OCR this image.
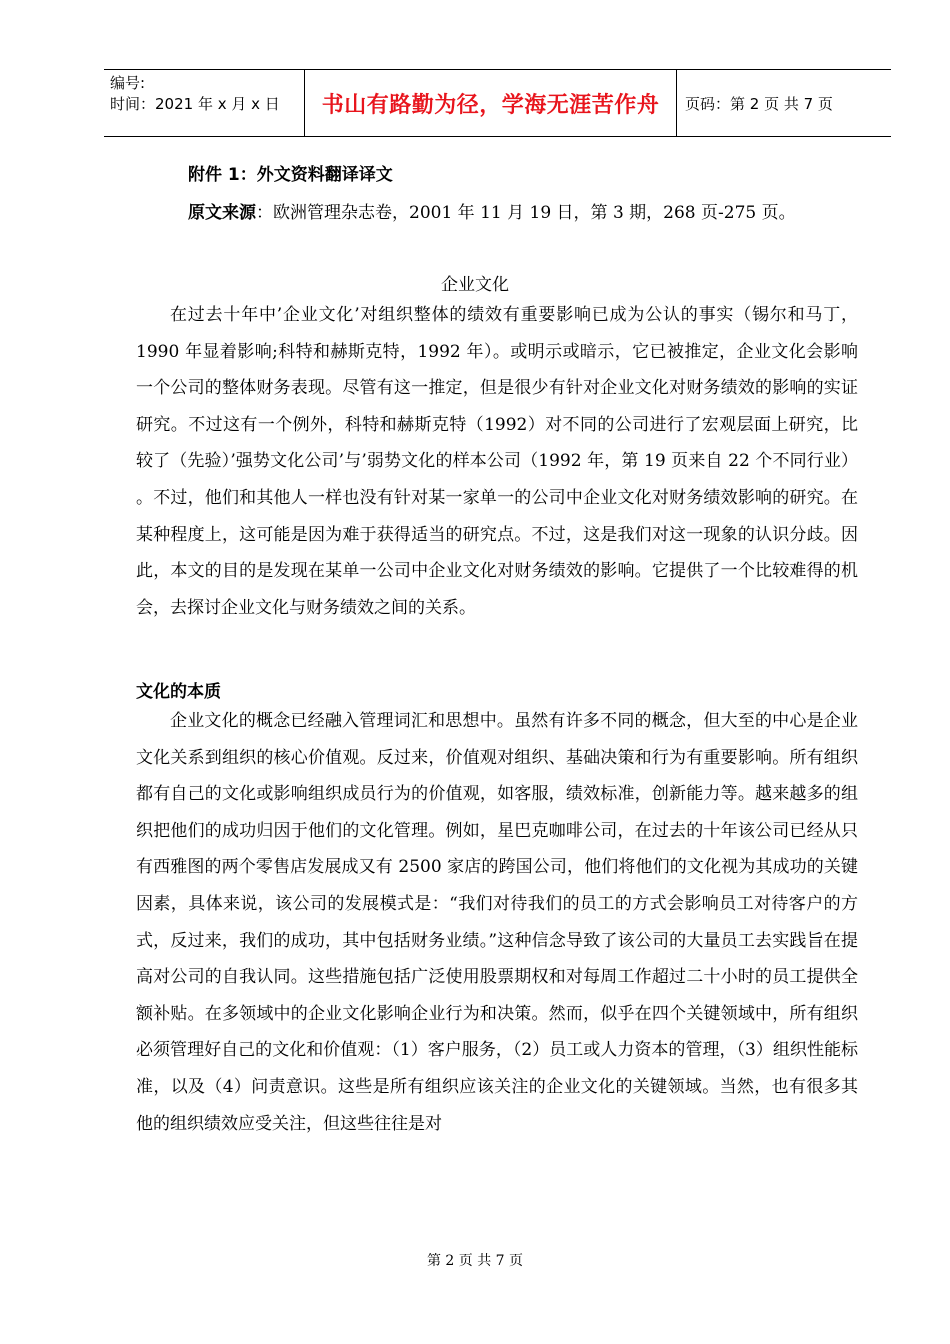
编号:
时间：2021 年 x 月 x 日	书山有路勤为径，学海无涯苦作舟 页码：第 2 页 共 7 页
附件 1：外文资料翻译译文
原文来源：欧洲管理杂志卷，2001 年 11 月 19 日，第 3 期，268 页-275 页。
企业文化

在过去十年中’企业文化’对组织整体的绩效有重要影响已成为公认的事实（锡尔和马丁，1990 年显着影响;科特和赫斯克特，1992 年）。或明示或暗示，它已被推定，企业文化会影响一个公司的整体财务表现。尽管有这一推定，但是很少有针对企业文化对财务绩效的影响的实证研究。不过这有一个例外，科特和赫斯克特（1992）对不同的公司进行了宏观层面上研究，比较了（先验）’强势文化公司’与’弱势文化的样本公司（1992 年，第 19 页来自 22 个不同行业） 。不过，他们和其他人一样也没有针对某一家单一的公司中企业文化对财务绩效影响的研究。在某种程度上，这可能是因为难于获得适当的研究点。不过，这是我们对这一现象的认识分歧。因此，本文的目的是发现在某单一公司中企业文化对财务绩效的影响。它提供了一个比较难得的机会，去探讨企业文化与财务绩效之间的关系。

文化的本质

企业文化的概念已经融入管理词汇和思想中。虽然有许多不同的概念，但大至的中心是企业文化关系到组织的核心价值观。反过来，价值观对组织、基础决策和行为有重要影响。所有组织都有自己的文化或影响组织成员行为的价值观，如客服，绩效标准，创新能力等。越来越多的组织把他们的成功归因于他们的文化管理。例如，星巴克咖啡公司，在过去的十年该公司已经从只有西雅图的两个零售店发展成又有 2500 家店的跨国公司，他们将他们的文化视为其成功的关键因素，具体来说，该公司的发展模式是：“我们对待我们的员工的方式会影响员工对待客户的方式，反过来，我们的成功，其中包括财务业绩。”这种信念导致了该公司的大量员工去实践旨在提高对公司的自我认同。这些措施包括广泛使用股票期权和对每周工作超过二十小时的员工提供全额补贴。在多领域中的企业文化影响企业行为和决策。然而，似乎在四个关键领域中，所有组织必须管理好自己的文化和价值观：（1）客户服务，（2）员工或人力资本的管理，（3）组织性能标准，以及（4）问责意识。这些是所有组织应该关注的企业文化的关键领域。当然，也有很多其他的组织绩效应受关注，但这些往往是对

第 2 页 共 7 页
